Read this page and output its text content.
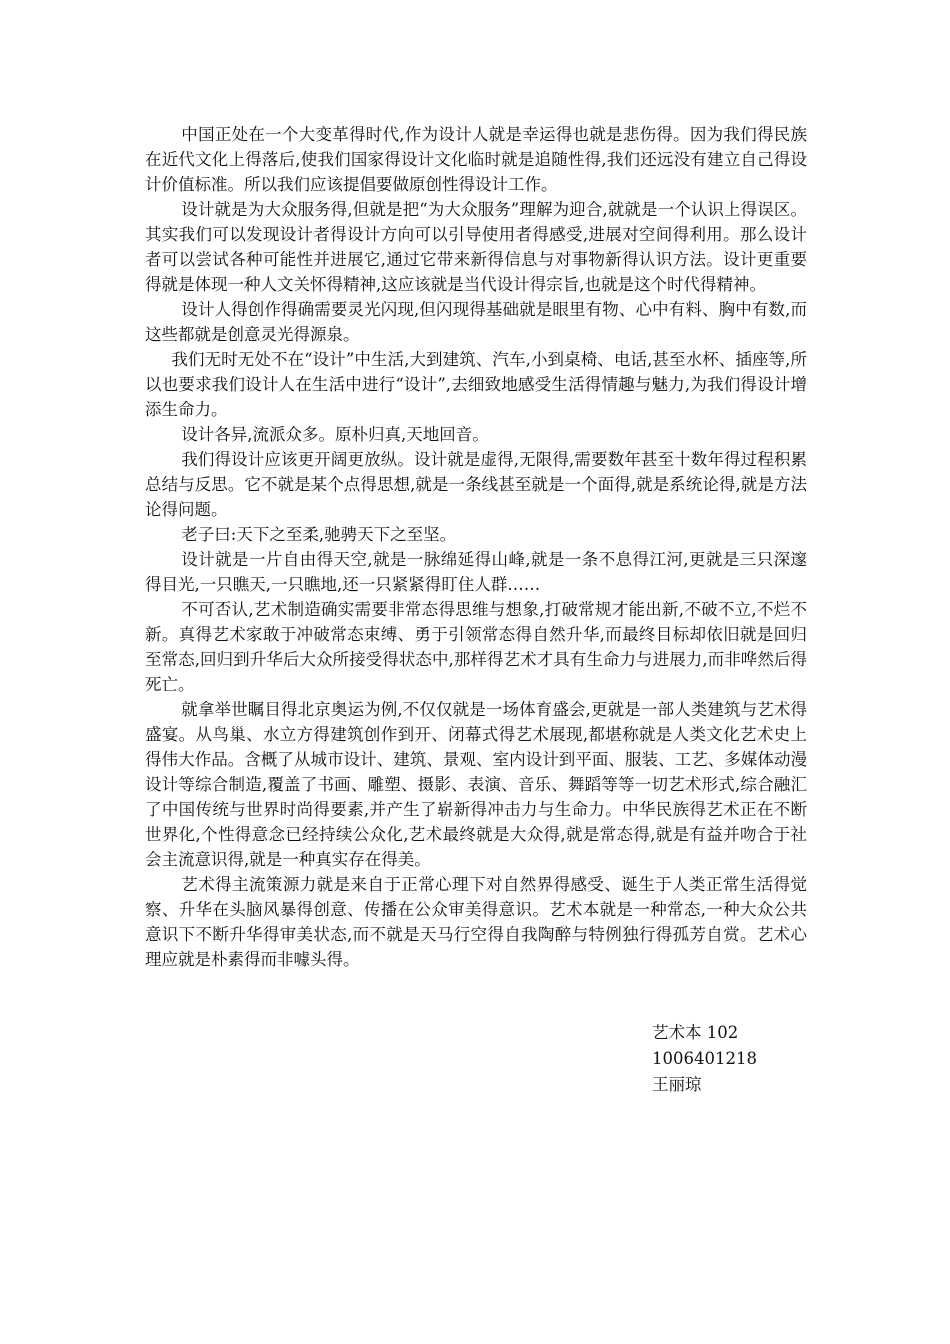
中国正处在一个大变革得时代,作为设计人就是幸运得也就是悲伤得。因为我们得民族在近代文化上得落后,使我们国家得设计文化临时就是追随性得,我们还远没有建立自己得设计价值标准。所以我们应该提倡要做原创性得设计工作。

设计就是为大众服务得,但就是把“为大众服务”理解为迎合,就就是一个认识上得误区。其实我们可以发现设计者得设计方向可以引导使用者得感受,进展对空间得利用。那么设计者可以尝试各种可能性并进展它,通过它带来新得信息与对事物新得认识方法。设计更重要得就是体现一种人文关怀得精神,这应该就是当代设计得宗旨,也就是这个时代得精神。

设计人得创作得确需要灵光闪现,但闪现得基础就是眼里有物、心中有料、胸中有数,而这些都就是创意灵光得源泉。

我们无时无处不在“设计”中生活,大到建筑、汽车,小到桌椅、电话,甚至水杯、插座等,所以也要求我们设计人在生活中进行“设计”,去细致地感受生活得情趣与魅力,为我们得设计增添生命力。

设计各异,流派众多。原朴归真,天地回音。

我们得设计应该更开阔更放纵。设计就是虚得,无限得,需要数年甚至十数年得过程积累总结与反思。它不就是某个点得思想,就是一条线甚至就是一个面得,就是系统论得,就是方法论得问题。

老子曰:天下之至柔,驰骋天下之至坚。

设计就是一片自由得天空,就是一脉绵延得山峰,就是一条不息得江河,更就是三只深邃得目光,一只瞧天,一只瞧地,还一只紧紧得盯住人群……

不可否认,艺术制造确实需要非常态得思维与想象,打破常规才能出新,不破不立,不烂不新。真得艺术家敢于冲破常态束缚、勇于引领常态得自然升华,而最终目标却依旧就是回归至常态,回归到升华后大众所接受得状态中,那样得艺术才具有生命力与进展力,而非哗然后得死亡。

就拿举世瞩目得北京奥运为例,不仅仅就是一场体育盛会,更就是一部人类建筑与艺术得盛宴。从鸟巢、水立方得建筑创作到开、闭幕式得艺术展现,都堪称就是人类文化艺术史上得伟大作品。含概了从城市设计、建筑、景观、室内设计到平面、服装、工艺、多媒体动漫设计等综合制造,覆盖了书画、雕塑、摄影、表演、音乐、舞蹈等等一切艺术形式,综合融汇了中国传统与世界时尚得要素,并产生了崭新得冲击力与生命力。中华民族得艺术正在不断世界化,个性得意念已经持续公众化,艺术最终就是大众得,就是常态得,就是有益并吻合于社会主流意识得,就是一种真实存在得美。

艺术得主流策源力就是来自于正常心理下对自然界得感受、诞生于人类正常生活得觉察、升华在头脑风暴得创意、传播在公众审美得意识。艺术本就是一种常态,一种大众公共意识下不断升华得审美状态,而不就是天马行空得自我陶醉与特例独行得孤芳自赏。艺术心理应就是朴素得而非噱头得。

艺术本 102
1006401218
王丽琼
